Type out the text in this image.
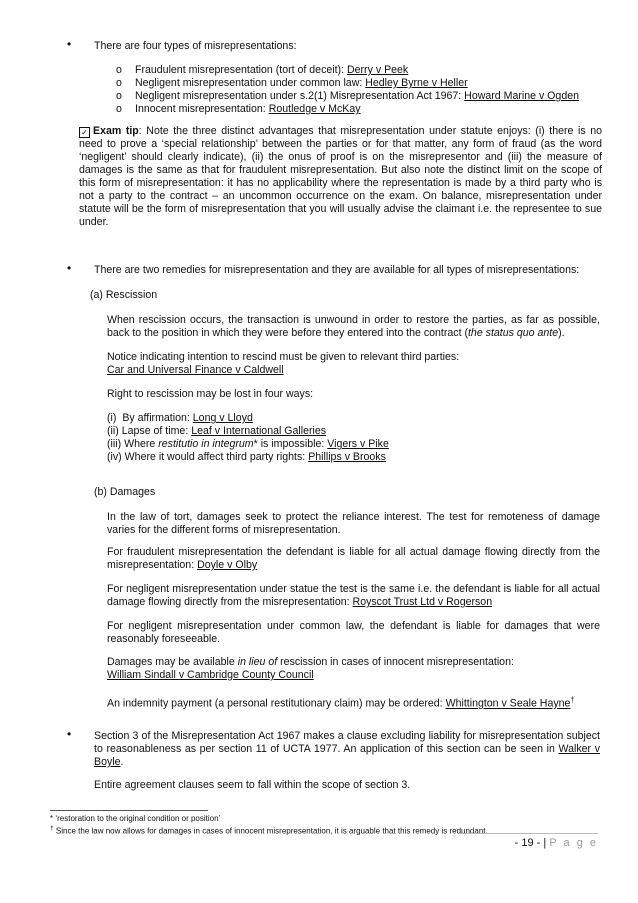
• There are four types of misrepresentations:
o Fraudulent misrepresentation (tort of deceit): Derry v Peek
o Negligent misrepresentation under common law: Hedley Byrne v Heller
o Negligent misrepresentation under s.2(1) Misrepresentation Act 1967: Howard Marine v Ogden
o Innocent misrepresentation: Routledge v McKay
✓ Exam tip: Note the three distinct advantages that misrepresentation under statute enjoys: (i) there is no need to prove a ‘special relationship’ between the parties or for that matter, any form of fraud (as the word ‘negligent’ should clearly indicate), (ii) the onus of proof is on the misrepresentor and (iii) the measure of damages is the same as that for fraudulent misrepresentation. But also note the distinct limit on the scope of this form of misrepresentation: it has no applicability where the representation is made by a third party who is not a party to the contract – an uncommon occurrence on the exam. On balance, misrepresentation under statute will be the form of misrepresentation that you will usually advise the claimant i.e. the representee to sue under.
• There are two remedies for misrepresentation and they are available for all types of misrepresentations:
(a) Rescission
When rescission occurs, the transaction is unwound in order to restore the parties, as far as possible, back to the position in which they were before they entered into the contract (the status quo ante).
Notice indicating intention to rescind must be given to relevant third parties:
Car and Universal Finance v Caldwell
Right to rescission may be lost in four ways:
(i) By affirmation: Long v Lloyd
(ii) Lapse of time: Leaf v International Galleries
(iii) Where restitutio in integrum* is impossible: Vigers v Pike
(iv) Where it would affect third party rights: Phillips v Brooks
(b) Damages
In the law of tort, damages seek to protect the reliance interest. The test for remoteness of damage varies for the different forms of misrepresentation.
For fraudulent misrepresentation the defendant is liable for all actual damage flowing directly from the misrepresentation: Doyle v Olby
For negligent misrepresentation under statue the test is the same i.e. the defendant is liable for all actual damage flowing directly from the misrepresentation: Royscot Trust Ltd v Rogerson
For negligent misrepresentation under common law, the defendant is liable for damages that were reasonably foreseeable.
Damages may be available in lieu of rescission in cases of innocent misrepresentation:
William Sindall v Cambridge County Council
An indemnity payment (a personal restitutionary claim) may be ordered: Whittington v Seale Hayne†
• Section 3 of the Misrepresentation Act 1967 makes a clause excluding liability for misrepresentation subject to reasonableness as per section 11 of UCTA 1977. An application of this section can be seen in Walker v Boyle.
Entire agreement clauses seem to fall within the scope of section 3.
* ‘restoration to the original condition or position’
† Since the law now allows for damages in cases of innocent misrepresentation, it is arguable that this remedy is redundant.
- 19 - | P a g e
